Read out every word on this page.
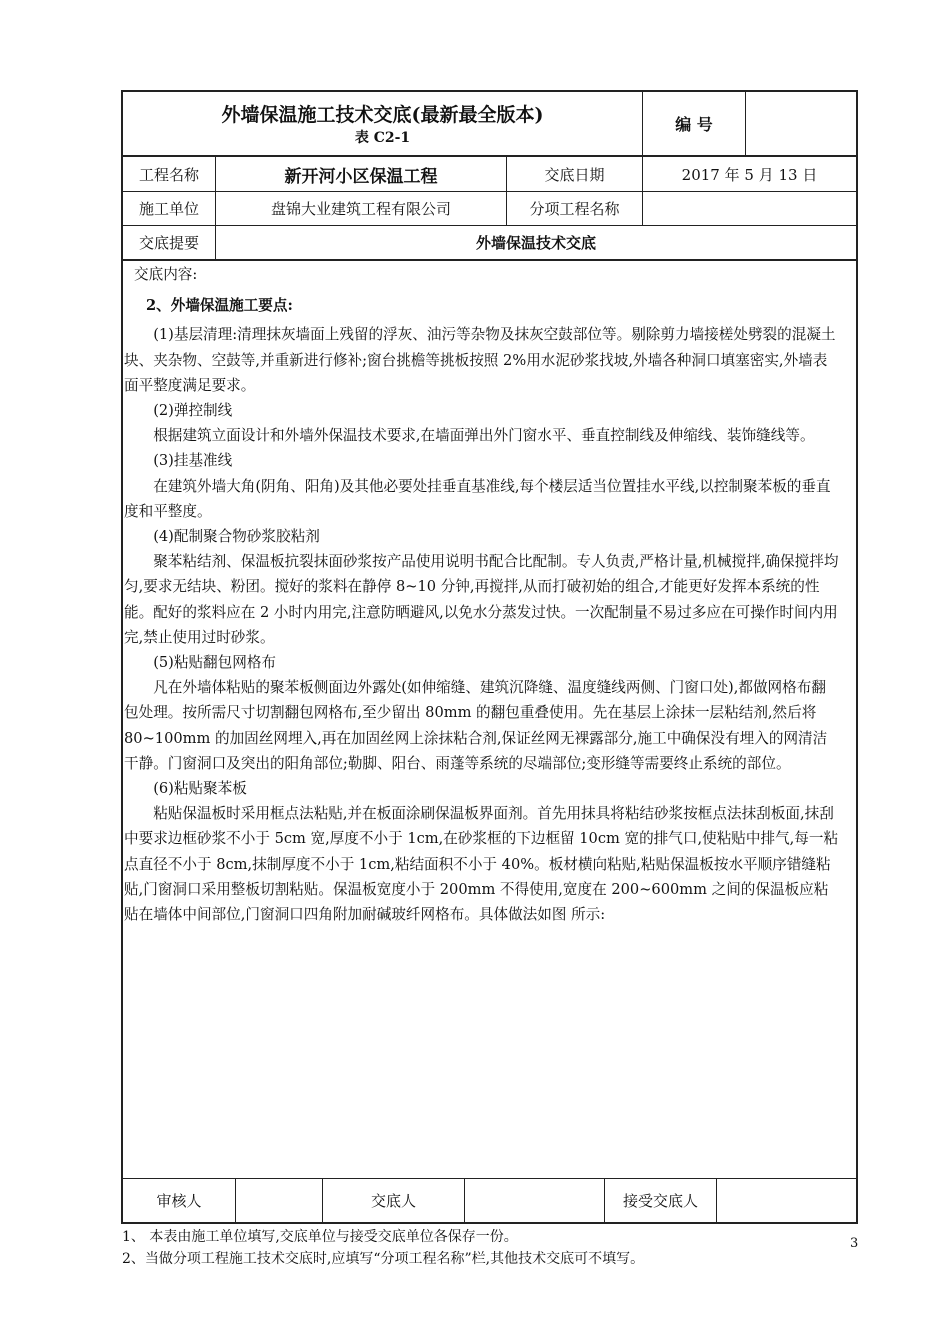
外墙保温施工技术交底(最新最全版本)
表 C2-1
编 号
工程名称	新开河小区保温工程	交底日期	2017 年 5 月 13 日
施工单位	盘锦大业建筑工程有限公司	分项工程名称
交底提要	外墙保温技术交底

交底内容:

2、外墙保温施工要点:

(1)基层清理:清理抹灰墙面上残留的浮灰、油污等杂物及抹灰空鼓部位等。剔除剪力墙接槎处劈裂的混凝土块、夹杂物、空鼓等,并重新进行修补;窗台挑檐等挑板按照 2%用水泥砂浆找坡,外墙各种洞口填塞密实,外墙表面平整度满足要求。

(2)弹控制线

根据建筑立面设计和外墙外保温技术要求,在墙面弹出外门窗水平、垂直控制线及伸缩线、装饰缝线等。

(3)挂基准线

在建筑外墙大角(阴角、阳角)及其他必要处挂垂直基准线,每个楼层适当位置挂水平线,以控制聚苯板的垂直度和平整度。

(4)配制聚合物砂浆胶粘剂

聚苯粘结剂、保温板抗裂抹面砂浆按产品使用说明书配合比配制。专人负责,严格计量,机械搅拌,确保搅拌均匀,要求无结块、粉团。搅好的浆料在静停 8~10 分钟,再搅拌,从而打破初始的组合,才能更好发挥本系统的性能。配好的浆料应在 2 小时内用完,注意防晒避风,以免水分蒸发过快。一次配制量不易过多应在可操作时间内用完,禁止使用过时砂浆。

(5)粘贴翻包网格布

凡在外墙体粘贴的聚苯板侧面边外露处(如伸缩缝、建筑沉降缝、温度缝线两侧、门窗口处),都做网格布翻包处理。按所需尺寸切割翻包网格布,至少留出 80mm 的翻包重叠使用。先在基层上涂抹一层粘结剂,然后将 80~100mm 的加固丝网埋入,再在加固丝网上涂抹粘合剂,保证丝网无裸露部分,施工中确保没有埋入的网清洁干静。门窗洞口及突出的阳角部位;勒脚、阳台、雨蓬等系统的尽端部位;变形缝等需要终止系统的部位。

(6)粘贴聚苯板

粘贴保温板时采用框点法粘贴,并在板面涂刷保温板界面剂。首先用抹具将粘结砂浆按框点法抹刮板面,抹刮中要求边框砂浆不小于 5cm 宽,厚度不小于 1cm,在砂浆框的下边框留 10cm 宽的排气口,使粘贴中排气,每一粘点直径不小于 8cm,抹制厚度不小于 1cm,粘结面积不小于 40%。板材横向粘贴,粘贴保温板按水平顺序错缝粘贴,门窗洞口采用整板切割粘贴。保温板宽度小于 200mm 不得使用,宽度在 200~600mm 之间的保温板应粘贴在墙体中间部位,门窗洞口四角附加耐碱玻纤网格布。具体做法如图 所示:

审核人	交底人	接受交底人
1、 本表由施工单位填写,交底单位与接受交底单位各保存一份。
2、当做分项工程施工技术交底时,应填写“分项工程名称”栏,其他技术交底可不填写。
3
